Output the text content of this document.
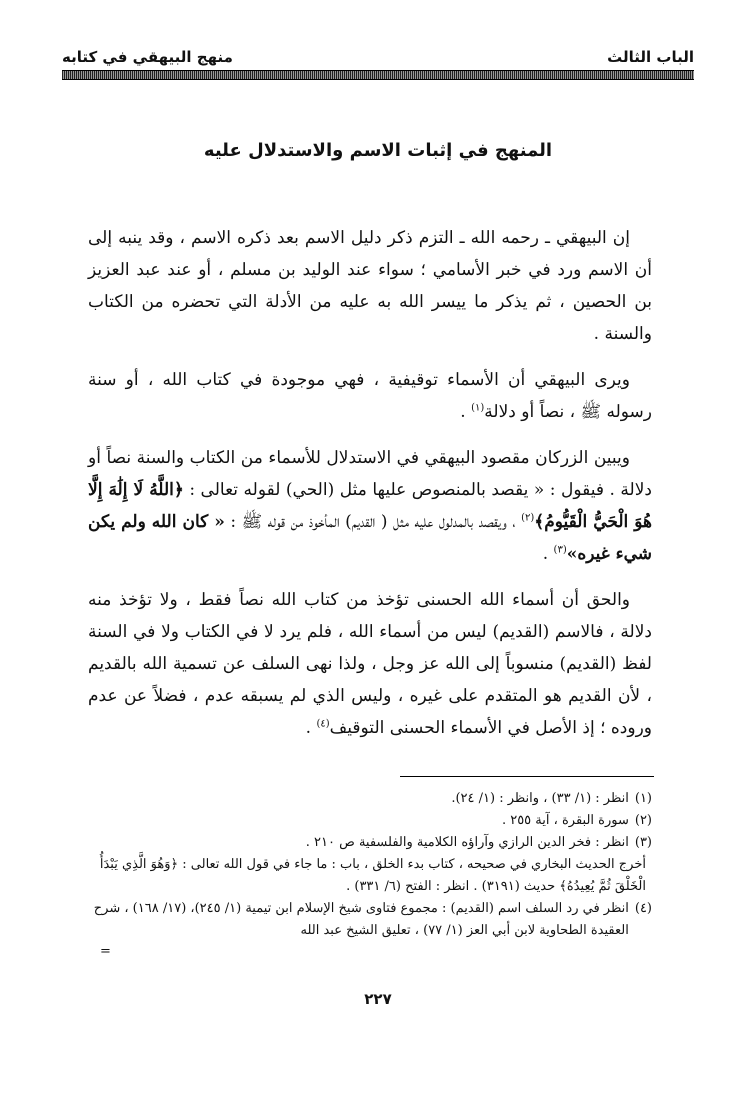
الباب الثالث
منهج البيهقي في كتابه
المنهج في إثبات الاسم والاستدلال عليه

إن البيهقي ـ رحمه الله ـ التزم ذكر دليل الاسم بعد ذكره الاسم ، وقد ينبه إلى أن الاسم ورد في خبر الأسامي ؛ سواء عند الوليد بن مسلم ، أو عند عبد العزيز بن الحصين ، ثم يذكر ما ييسر الله به عليه من الأدلة التي تحضره من الكتاب والسنة .

ويرى البيهقي أن الأسماء توقيفية ، فهي موجودة في كتاب الله ، أو سنة رسوله ﷺ ، نصاً أو دلالة$^{(١)}$ .

ويبين الزركان مقصود البيهقي في الاستدلال للأسماء من الكتاب والسنة نصاً أو دلالة . فيقول : « يقصد بالمنصوص عليها مثل (الحي) لقوله تعالى : ﴿اللَّهُ لَا إِلَٰهَ إِلَّا هُوَ الْحَيُّ الْقَيُّومُ﴾$^{(٢)}$ ، ويقصد بالمدلول عليه مثل ( القديم) المأخوذ من قوله ﷺ : « كان الله ولم يكن شيء غيره»$^{(٣)}$ .

والحق أن أسماء الله الحسنى تؤخذ من كتاب الله نصاً فقط ، ولا تؤخذ منه دلالة ، فالاسم (القديم) ليس من أسماء الله ، فلم يرد لا في الكتاب ولا في السنة لفظ (القديم) منسوباً إلى الله عز وجل ، ولذا نهى السلف عن تسمية الله بالقديم ، لأن القديم هو المتقدم على غيره ، وليس الذي لم يسبقه عدم ، فضلاً عن عدم وروده ؛ إذ الأصل في الأسماء الحسنى التوقيف$^{(٤)}$ .

(١)
انظر : (١/ ٣٣) ، وانظر : (١/ ٢٤).
(٢)
سورة البقرة ، آية ٢٥٥ .
(٣)
انظر : فخر الدين الرازي وآراؤه الكلامية والفلسفية ص ٢١٠ .
أخرج الحديث البخاري في صحيحه ، كتاب بدء الخلق ، باب : ما جاء في قول الله تعالى : ﴿وَهُوَ الَّذِي يَبْدَأُ الْخَلْقَ ثُمَّ يُعِيدُهُ﴾ حديث (٣١٩١) . انظر : الفتح (٦/ ٣٣١) .
(٤)
انظر في رد السلف اسم (القديم) : مجموع فتاوى شيخ الإسلام ابن تيمية (١/ ٢٤٥)، (١٧/ ١٦٨) ، شرح العقيدة الطحاوية لابن أبي العز (١/ ٧٧) ، تعليق الشيخ عبد الله
=
٢٢٧
